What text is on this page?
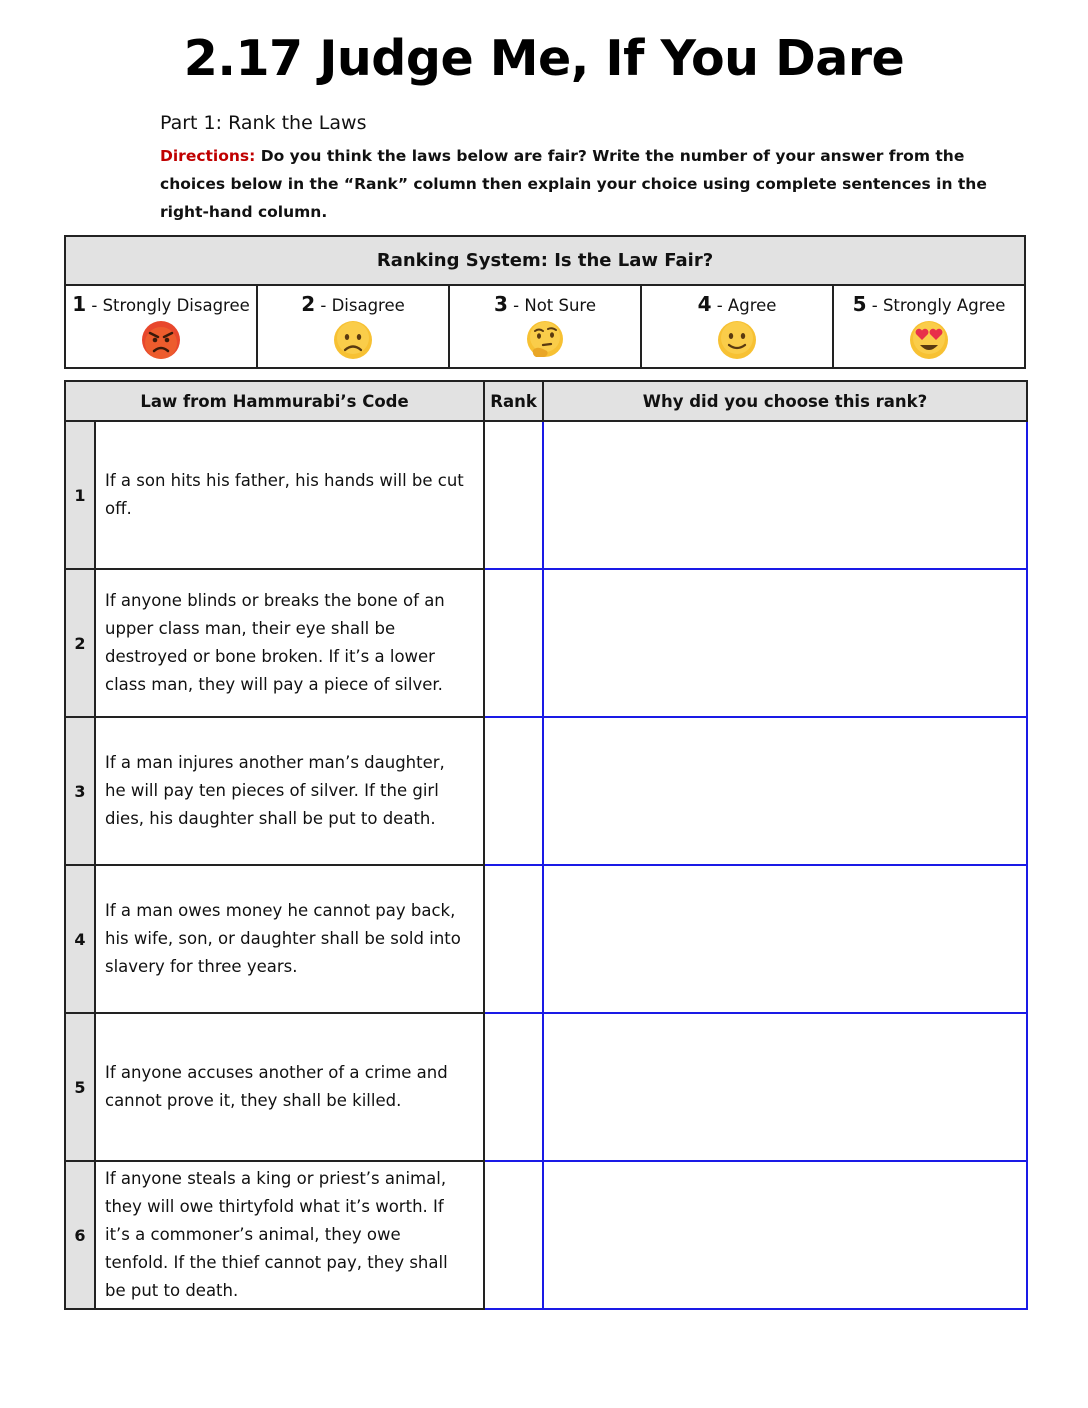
2.17 Judge Me, If You Dare
Part 1: Rank the Laws
Directions: Do you think the laws below are fair? Write the number of your answer from the choices below in the “Rank” column then explain your choice using complete sentences in the right-hand column.
Ranking System: Is the Law Fair?
1 - Strongly Disagree	2 - Disagree	3 - Not Sure	4 - Agree	5 - Strongly Agree
Law from Hammurabi’s Code		Rank	Why did you choose this rank?
1	If a son hits his father, his hands will be cut off.		
2	If anyone blinds or breaks the bone of an upper class man, their eye shall be destroyed or bone broken. If it’s a lower class man, they will pay a piece of silver.		
3	If a man injures another man’s daughter, he will pay ten pieces of silver. If the girl dies, his daughter shall be put to death.		
4	If a man owes money he cannot pay back, his wife, son, or daughter shall be sold into slavery for three years.		
5	If anyone accuses another of a crime and cannot prove it, they shall be killed.		
6	If anyone steals a king or priest’s animal, they will owe thirtyfold what it’s worth. If it’s a commoner’s animal, they owe tenfold. If the thief cannot pay, they shall be put to death.		
